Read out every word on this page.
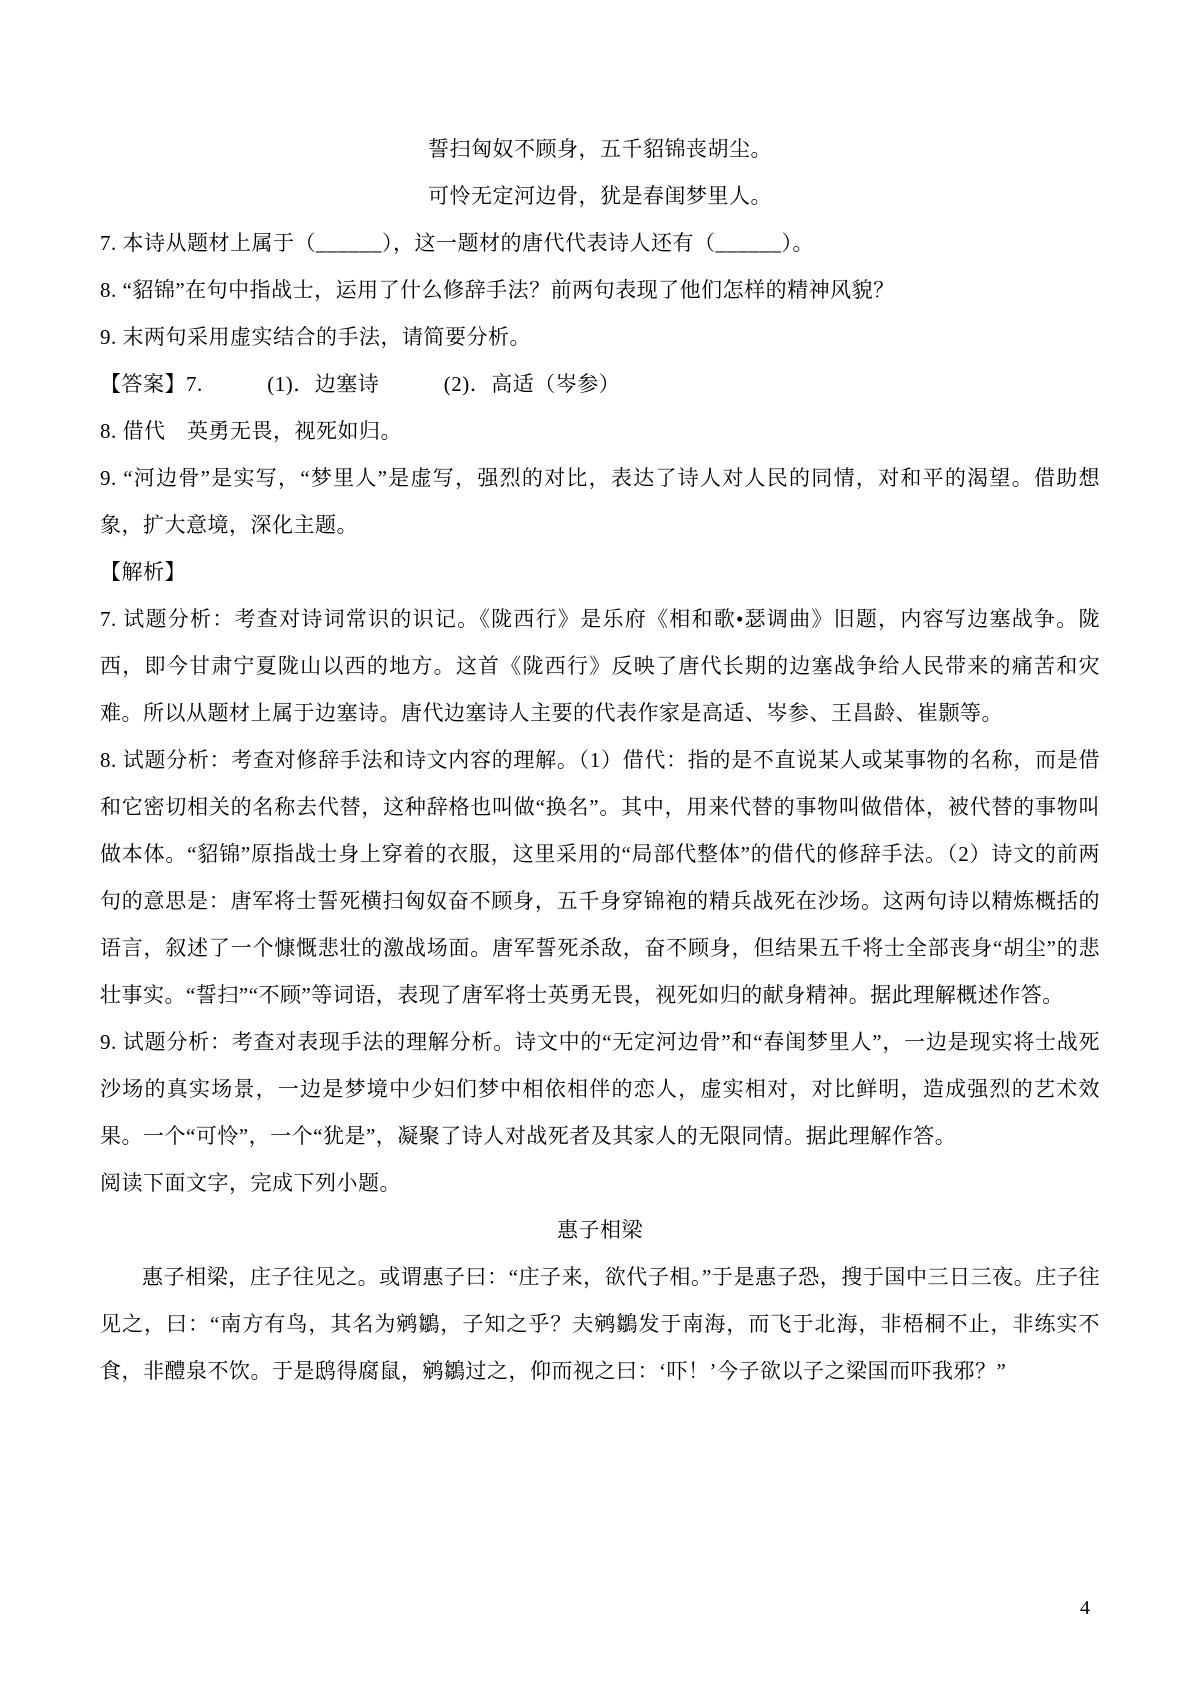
誓扫匈奴不顾身，五千貂锦丧胡尘。

可怜无定河边骨，犹是春闺梦里人。

7. 本诗从题材上属于（______），这一题材的唐代代表诗人还有（______）。

8. “貂锦”在句中指战士，运用了什么修辞手法？前两句表现了他们怎样的精神风貌？

9. 末两句采用虚实结合的手法，请简要分析。

【答案】7.　　　(1)．边塞诗　　　(2)．高适（岑参）

8. 借代　英勇无畏，视死如归。

9. “河边骨”是实写，“梦里人”是虚写，强烈的对比，表达了诗人对人民的同情，对和平的渴望。借助想象，扩大意境，深化主题。

【解析】

7. 试题分析：考查对诗词常识的识记。《陇西行》是乐府《相和歌•瑟调曲》旧题，内容写边塞战争。陇西，即今甘肃宁夏陇山以西的地方。这首《陇西行》反映了唐代长期的边塞战争给人民带来的痛苦和灾难。所以从题材上属于边塞诗。唐代边塞诗人主要的代表作家是高适、岑参、王昌龄、崔颢等。

8. 试题分析：考查对修辞手法和诗文内容的理解。（1）借代：指的是不直说某人或某事物的名称，而是借和它密切相关的名称去代替，这种辞格也叫做“换名”。其中，用来代替的事物叫做借体，被代替的事物叫做本体。“貂锦”原指战士身上穿着的衣服，这里采用的“局部代整体”的借代的修辞手法。（2）诗文的前两句的意思是：唐军将士誓死横扫匈奴奋不顾身，五千身穿锦袍的精兵战死在沙场。这两句诗以精炼概括的语言，叙述了一个慷慨悲壮的激战场面。唐军誓死杀敌，奋不顾身，但结果五千将士全部丧身“胡尘”的悲壮事实。“誓扫”“不顾”等词语，表现了唐军将士英勇无畏，视死如归的献身精神。据此理解概述作答。

9. 试题分析：考查对表现手法的理解分析。诗文中的“无定河边骨”和“春闺梦里人”，一边是现实将士战死沙场的真实场景，一边是梦境中少妇们梦中相依相伴的恋人，虚实相对，对比鲜明，造成强烈的艺术效果。一个“可怜”，一个“犹是”，凝聚了诗人对战死者及其家人的无限同情。据此理解作答。

阅读下面文字，完成下列小题。

惠子相梁

惠子相梁，庄子往见之。或谓惠子曰：“庄子来，欲代子相。”于是惠子恐，搜于国中三日三夜。庄子往见之，曰：“南方有鸟，其名为鹓鶵，子知之乎？夫鹓鶵发于南海，而飞于北海，非梧桐不止，非练实不食，非醴泉不饮。于是鸱得腐鼠，鹓鶵过之，仰而视之曰：‘吓！’今子欲以子之梁国而吓我邪？”

4
